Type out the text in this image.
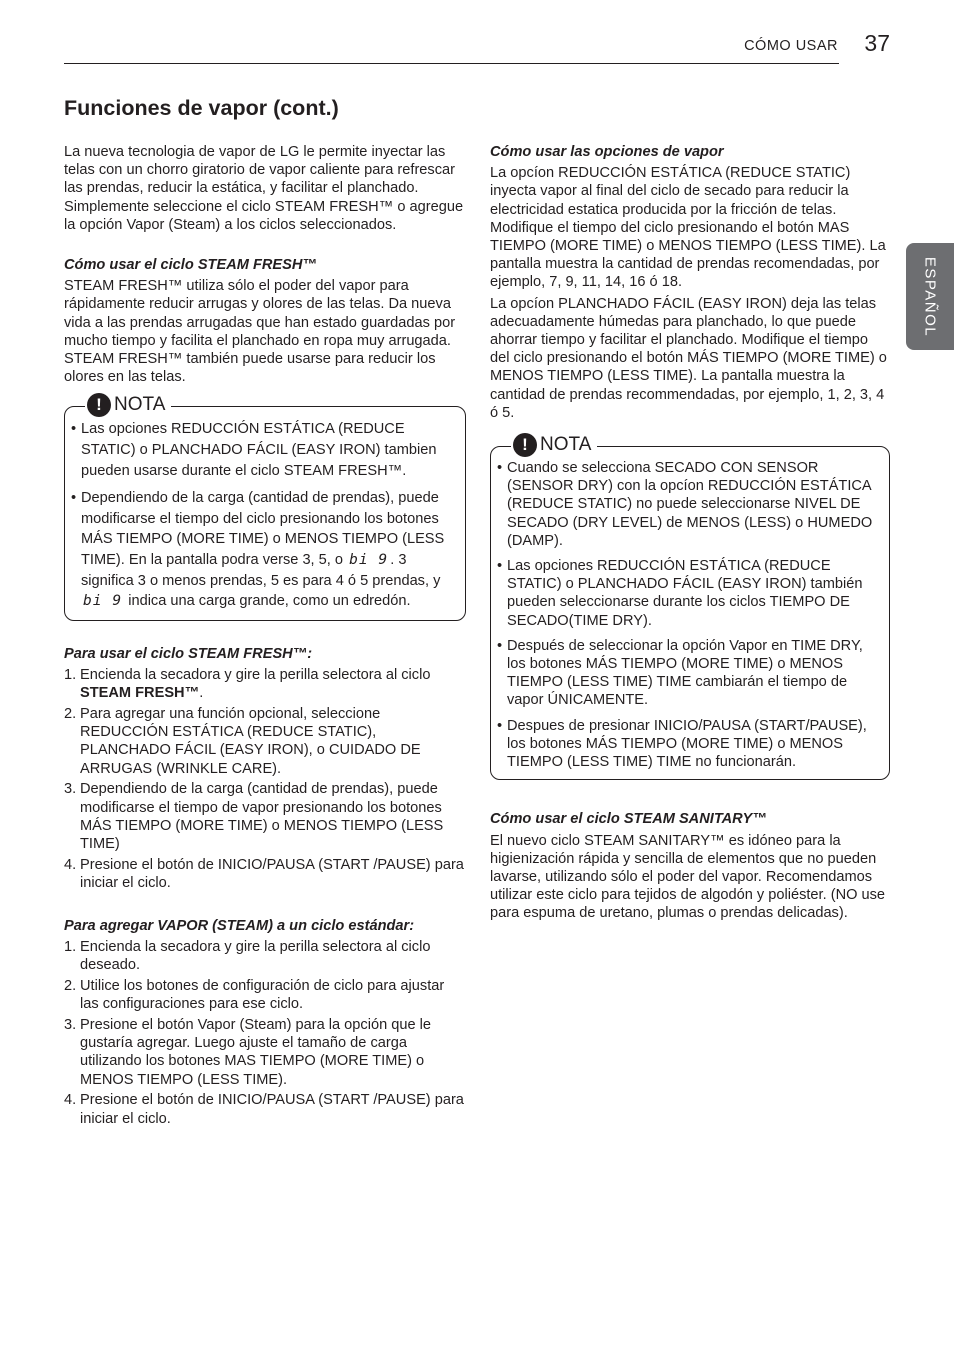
CÓMO USAR 37
ESPAÑOL
Funciones de vapor (cont.)

La nueva tecnologia de vapor de LG le permite inyectar las telas con un chorro giratorio de vapor caliente para refrescar las prendas, reducir la estática, y facilitar el planchado. Simplemente seleccione el ciclo STEAM FRESH™ o agregue la opción Vapor (Steam) a los ciclos seleccionados.

Cómo usar el ciclo STEAM FRESH™

STEAM FRESH™ utiliza sólo el poder del vapor para rápidamente reducir arrugas y olores de las telas. Da nueva vida a las prendas arrugadas que han estado guardadas por mucho tiempo y facilita el planchado en ropa muy arrugada. STEAM FRESH™ también puede usarse para reducir los olores en las telas.

! NOTA
• Las opciones REDUCCIÓN ESTÁTICA (REDUCE STATIC) o PLANCHADO FÁCIL (EASY IRON) tambien pueden usarse durante el ciclo STEAM FRESH™.
• Dependiendo de la carga (cantidad de prendas), puede modificarse el tiempo del ciclo presionando los botones MÁS TIEMPO (MORE TIME) o MENOS TIEMPO (LESS TIME). En la pantalla podra verse 3, 5, o bi 9 . 3 significa 3 o menos prendas, 5 es para 4 ó 5 prendas, y bi 9 indica una carga grande, como un edredón.

Para usar el ciclo STEAM FRESH™:

1. Encienda la secadora y gire la perilla selectora al ciclo STEAM FRESH™.
2. Para agregar una función opcional, seleccione REDUCCIÓN ESTÁTICA (REDUCE STATIC), PLANCHADO FÁCIL (EASY IRON), o CUIDADO DE ARRUGAS (WRINKLE CARE).
3. Dependiendo de la carga (cantidad de prendas), puede modificarse el tiempo de vapor presionando los botones MÁS TIEMPO (MORE TIME) o MENOS TIEMPO (LESS TIME)
4. Presione el botón de INICIO/PAUSA (START /PAUSE) para iniciar el ciclo.

Para agregar VAPOR (STEAM) a un ciclo estándar:

1. Encienda la secadora y gire la perilla selectora al ciclo deseado.
2. Utilice los botones de configuración de ciclo para ajustar las configuraciones para ese ciclo.
3. Presione el botón Vapor (Steam) para la opción que le gustaría agregar. Luego ajuste el tamaño de carga utilizando los botones MAS TIEMPO (MORE TIME) o MENOS TIEMPO (LESS TIME).
4. Presione el botón de INICIO/PAUSA (START /PAUSE) para iniciar el ciclo.

Cómo usar las opciones de vapor

La opcíon REDUCCIÓN ESTÁTICA (REDUCE STATIC) inyecta vapor al final del ciclo de secado para reducir la electricidad estatica producida por la fricción de telas. Modifique el tiempo del ciclo presionando el botón MAS TIEMPO (MORE TIME) o MENOS TIEMPO (LESS TIME). La pantalla muestra la cantidad de prendas recomendadas, por ejemplo, 7, 9, 11, 14, 16 ó 18.

La opcíon PLANCHADO FÁCIL (EASY IRON) deja las telas adecuadamente húmedas para planchado, lo que puede ahorrar tiempo y facilitar el planchado. Modifique el tiempo del ciclo presionando el botón MÁS TIEMPO (MORE TIME) o MENOS TIEMPO (LESS TIME). La pantalla muestra la cantidad de prendas recommendadas, por ejemplo, 1, 2, 3, 4 ó 5.

! NOTA
• Cuando se selecciona SECADO CON SENSOR (SENSOR DRY) con la opcíon REDUCCIÓN ESTÁTICA (REDUCE STATIC) no puede seleccionarse NIVEL DE SECADO (DRY LEVEL) de MENOS (LESS) o HUMEDO (DAMP).
• Las opciones REDUCCIÓN ESTÁTICA (REDUCE STATIC) o PLANCHADO FÁCIL (EASY IRON) también pueden seleccionarse durante los ciclos TIEMPO DE SECADO(TIME DRY).
• Después de seleccionar la opción Vapor en TIME DRY, los botones MÁS TIEMPO (MORE TIME) o MENOS TIEMPO (LESS TIME) TIME cambiarán el tiempo de vapor ÚNICAMENTE.
• Despues de presionar INICIO/PAUSA (START/PAUSE), los botones MÁS TIEMPO (MORE TIME) o MENOS TIEMPO (LESS TIME) TIME no funcionarán.

Cómo usar el ciclo STEAM SANITARY™

El nuevo ciclo STEAM SANITARY™ es idóneo para la higienización rápida y sencilla de elementos que no pueden lavarse, utilizando sólo el poder del vapor. Recomendamos utilizar este ciclo para tejidos de algodón y poliéster. (NO use para espuma de uretano, plumas o prendas delicadas).
